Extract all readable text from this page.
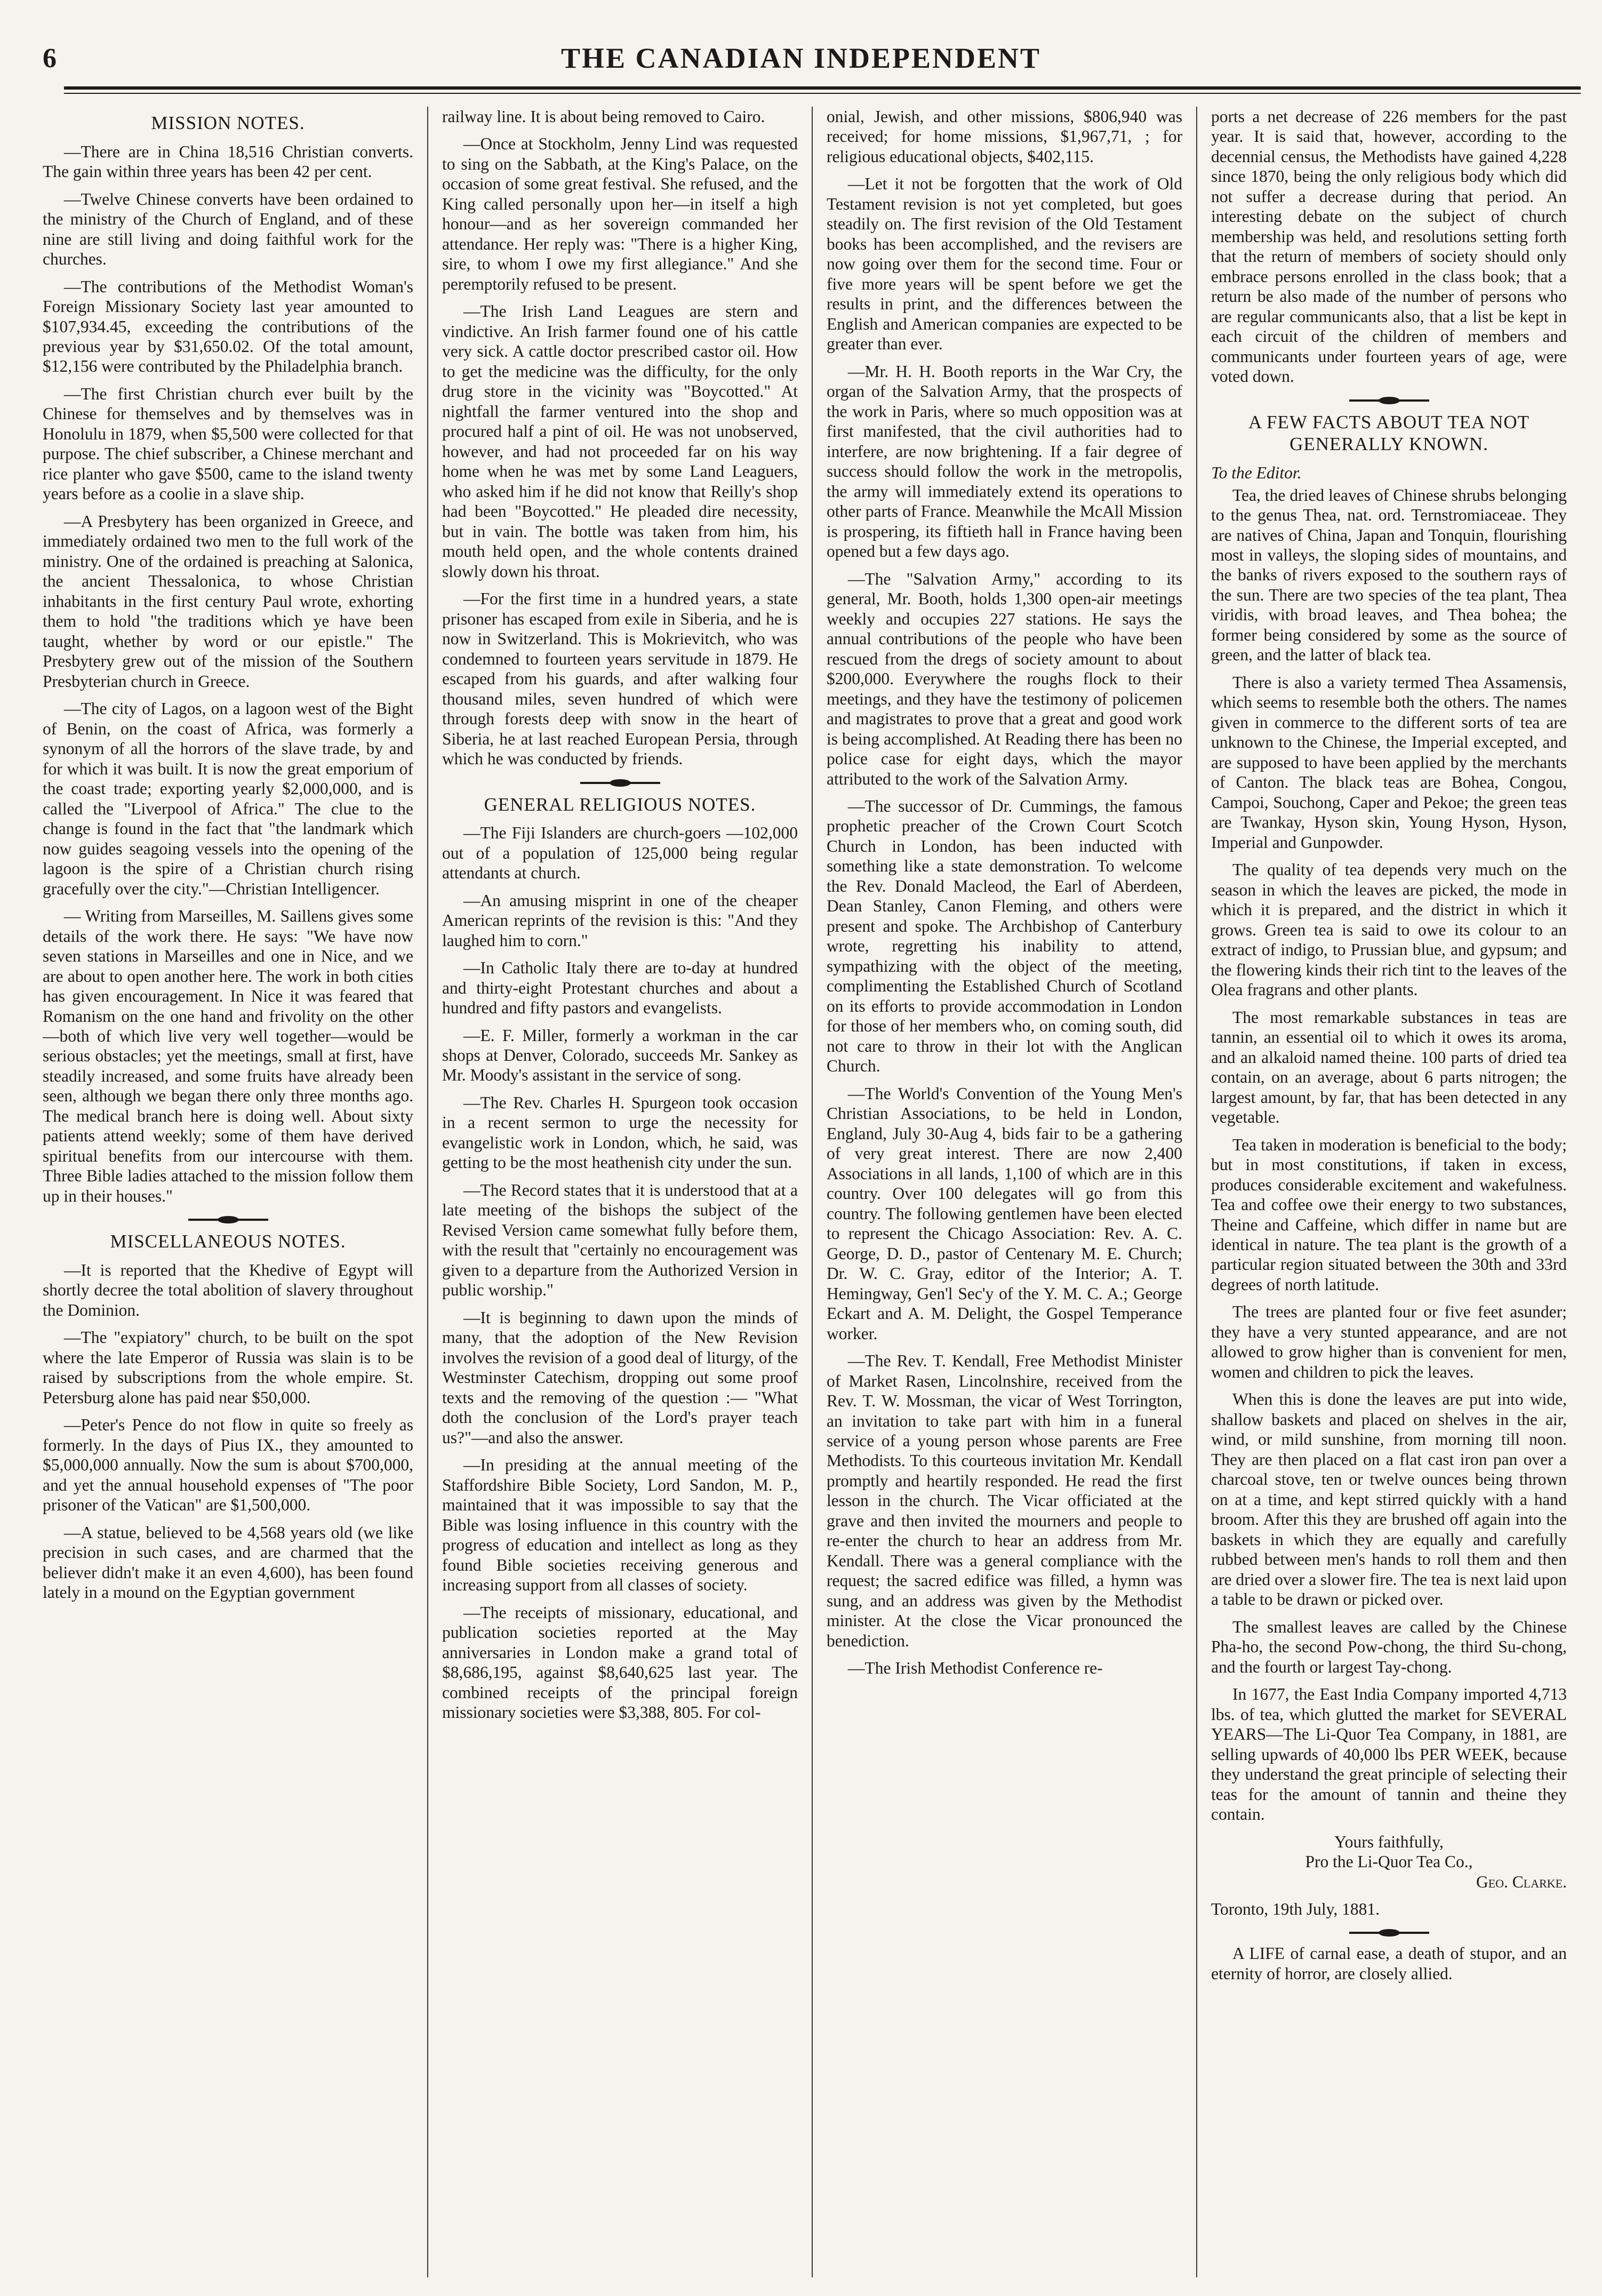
6	THE CANADIAN INDEPENDENT
MISSION NOTES.

—There are in China 18,516 Christian converts. The gain within three years has been 42 per cent.

—Twelve Chinese converts have been ordained to the ministry of the Church of England, and of these nine are still living and doing faithful work for the churches.

—The contributions of the Methodist Woman's Foreign Missionary Society last year amounted to $107,934.45, exceeding the contributions of the previous year by $31,650.02. Of the total amount, $12,156 were contributed by the Philadelphia branch.

—The first Christian church ever built by the Chinese for themselves and by themselves was in Honolulu in 1879, when $5,500 were collected for that purpose. The chief subscriber, a Chinese merchant and rice planter who gave $500, came to the island twenty years before as a coolie in a slave ship.

—A Presbytery has been organized in Greece, and immediately ordained two men to the full work of the ministry. One of the ordained is preaching at Salonica, the ancient Thessalonica, to whose Christian inhabitants in the first century Paul wrote, exhorting them to hold "the traditions which ye have been taught, whether by word or our epistle." The Presbytery grew out of the mission of the Southern Presbyterian church in Greece.

—The city of Lagos, on a lagoon west of the Bight of Benin, on the coast of Africa, was formerly a synonym of all the horrors of the slave trade, by and for which it was built. It is now the great emporium of the coast trade; exporting yearly $2,000,000, and is called the "Liverpool of Africa." The clue to the change is found in the fact that "the landmark which now guides seagoing vessels into the opening of the lagoon is the spire of a Christian church rising gracefully over the city."—Christian Intelligencer.

— Writing from Marseilles, M. Saillens gives some details of the work there. He says: "We have now seven stations in Marseilles and one in Nice, and we are about to open another here. The work in both cities has given encouragement. In Nice it was feared that Romanism on the one hand and frivolity on the other—both of which live very well together—would be serious obstacles; yet the meetings, small at first, have steadily increased, and some fruits have already been seen, although we began there only three months ago. The medical branch here is doing well. About sixty patients attend weekly; some of them have derived spiritual benefits from our intercourse with them. Three Bible ladies attached to the mission follow them up in their houses."

MISCELLANEOUS NOTES.

—It is reported that the Khedive of Egypt will shortly decree the total abolition of slavery throughout the Dominion.

—The "expiatory" church, to be built on the spot where the late Emperor of Russia was slain is to be raised by subscriptions from the whole empire. St. Petersburg alone has paid near $50,000.

—Peter's Pence do not flow in quite so freely as formerly. In the days of Pius IX., they amounted to $5,000,000 annually. Now the sum is about $700,000, and yet the annual household expenses of "The poor prisoner of the Vatican" are $1,500,000.

—A statue, believed to be 4,568 years old (we like precision in such cases, and are charmed that the believer didn't make it an even 4,600), has been found lately in a mound on the Egyptian government

railway line. It is about being removed to Cairo.

—Once at Stockholm, Jenny Lind was requested to sing on the Sabbath, at the King's Palace, on the occasion of some great festival. She refused, and the King called personally upon her—in itself a high honour—and as her sovereign commanded her attendance. Her reply was: "There is a higher King, sire, to whom I owe my first allegiance." And she peremptorily refused to be present.

—The Irish Land Leagues are stern and vindictive. An Irish farmer found one of his cattle very sick. A cattle doctor prescribed castor oil. How to get the medicine was the difficulty, for the only drug store in the vicinity was "Boycotted." At nightfall the farmer ventured into the shop and procured half a pint of oil. He was not unobserved, however, and had not proceeded far on his way home when he was met by some Land Leaguers, who asked him if he did not know that Reilly's shop had been "Boycotted." He pleaded dire necessity, but in vain. The bottle was taken from him, his mouth held open, and the whole contents drained slowly down his throat.

—For the first time in a hundred years, a state prisoner has escaped from exile in Siberia, and he is now in Switzerland. This is Mokrievitch, who was condemned to fourteen years servitude in 1879. He escaped from his guards, and after walking four thousand miles, seven hundred of which were through forests deep with snow in the heart of Siberia, he at last reached European Persia, through which he was conducted by friends.

GENERAL RELIGIOUS NOTES.

—The Fiji Islanders are church-goers —102,000 out of a population of 125,000 being regular attendants at church.

—An amusing misprint in one of the cheaper American reprints of the revision is this: "And they laughed him to corn."

—In Catholic Italy there are to-day at hundred and thirty-eight Protestant churches and about a hundred and fifty pastors and evangelists.

—E. F. Miller, formerly a workman in the car shops at Denver, Colorado, succeeds Mr. Sankey as Mr. Moody's assistant in the service of song.

—The Rev. Charles H. Spurgeon took occasion in a recent sermon to urge the necessity for evangelistic work in London, which, he said, was getting to be the most heathenish city under the sun.

—The Record states that it is understood that at a late meeting of the bishops the subject of the Revised Version came somewhat fully before them, with the result that "certainly no encouragement was given to a departure from the Authorized Version in public worship."

—It is beginning to dawn upon the minds of many, that the adoption of the New Revision involves the revision of a good deal of liturgy, of the Westminster Catechism, dropping out some proof texts and the removing of the question :— "What doth the conclusion of the Lord's prayer teach us?"—and also the answer.

—In presiding at the annual meeting of the Staffordshire Bible Society, Lord Sandon, M. P., maintained that it was impossible to say that the Bible was losing influence in this country with the progress of education and intellect as long as they found Bible societies receiving generous and increasing support from all classes of society.

—The receipts of missionary, educational, and publication societies reported at the May anniversaries in London make a grand total of $8,686,195, against $8,640,625 last year. The combined receipts of the principal foreign missionary societies were $3,388, 805. For col-

onial, Jewish, and other missions, $806,940 was received; for home missions, $1,967,71, ; for religious educational objects, $402,115.

—Let it not be forgotten that the work of Old Testament revision is not yet completed, but goes steadily on. The first revision of the Old Testament books has been accomplished, and the revisers are now going over them for the second time. Four or five more years will be spent before we get the results in print, and the differences between the English and American companies are expected to be greater than ever.

—Mr. H. H. Booth reports in the War Cry, the organ of the Salvation Army, that the prospects of the work in Paris, where so much opposition was at first manifested, that the civil authorities had to interfere, are now brightening. If a fair degree of success should follow the work in the metropolis, the army will immediately extend its operations to other parts of France. Meanwhile the McAll Mission is prospering, its fiftieth hall in France having been opened but a few days ago.

—The "Salvation Army," according to its general, Mr. Booth, holds 1,300 open-air meetings weekly and occupies 227 stations. He says the annual contributions of the people who have been rescued from the dregs of society amount to about $200,000. Everywhere the roughs flock to their meetings, and they have the testimony of policemen and magistrates to prove that a great and good work is being accomplished. At Reading there has been no police case for eight days, which the mayor attributed to the work of the Salvation Army.

—The successor of Dr. Cummings, the famous prophetic preacher of the Crown Court Scotch Church in London, has been inducted with something like a state demonstration. To welcome the Rev. Donald Macleod, the Earl of Aberdeen, Dean Stanley, Canon Fleming, and others were present and spoke. The Archbishop of Canterbury wrote, regretting his inability to attend, sympathizing with the object of the meeting, complimenting the Established Church of Scotland on its efforts to provide accommodation in London for those of her members who, on coming south, did not care to throw in their lot with the Anglican Church.

—The World's Convention of the Young Men's Christian Associations, to be held in London, England, July 30-Aug 4, bids fair to be a gathering of very great interest. There are now 2,400 Associations in all lands, 1,100 of which are in this country. Over 100 delegates will go from this country. The following gentlemen have been elected to represent the Chicago Association: Rev. A. C. George, D. D., pastor of Centenary M. E. Church; Dr. W. C. Gray, editor of the Interior; A. T. Hemingway, Gen'l Sec'y of the Y. M. C. A.; George Eckart and A. M. Delight, the Gospel Temperance worker.

—The Rev. T. Kendall, Free Methodist Minister of Market Rasen, Lincolnshire, received from the Rev. T. W. Mossman, the vicar of West Torrington, an invitation to take part with him in a funeral service of a young person whose parents are Free Methodists. To this courteous invitation Mr. Kendall promptly and heartily responded. He read the first lesson in the church. The Vicar officiated at the grave and then invited the mourners and people to re-enter the church to hear an address from Mr. Kendall. There was a general compliance with the request; the sacred edifice was filled, a hymn was sung, and an address was given by the Methodist minister. At the close the Vicar pronounced the benediction.

—The Irish Methodist Conference re-

ports a net decrease of 226 members for the past year. It is said that, however, according to the decennial census, the Methodists have gained 4,228 since 1870, being the only religious body which did not suffer a decrease during that period. An interesting debate on the subject of church membership was held, and resolutions setting forth that the return of members of society should only embrace persons enrolled in the class book; that a return be also made of the number of persons who are regular communicants also, that a list be kept in each circuit of the children of members and communicants under fourteen years of age, were voted down.

A FEW FACTS ABOUT TEA NOT GENERALLY KNOWN.

To the Editor.

Tea, the dried leaves of Chinese shrubs belonging to the genus Thea, nat. ord. Ternstromiaceae. They are natives of China, Japan and Tonquin, flourishing most in valleys, the sloping sides of mountains, and the banks of rivers exposed to the southern rays of the sun. There are two species of the tea plant, Thea viridis, with broad leaves, and Thea bohea; the former being considered by some as the source of green, and the latter of black tea.

There is also a variety termed Thea Assamensis, which seems to resemble both the others. The names given in commerce to the different sorts of tea are unknown to the Chinese, the Imperial excepted, and are supposed to have been applied by the merchants of Canton. The black teas are Bohea, Congou, Campoi, Souchong, Caper and Pekoe; the green teas are Twankay, Hyson skin, Young Hyson, Hyson, Imperial and Gunpowder.

The quality of tea depends very much on the season in which the leaves are picked, the mode in which it is prepared, and the district in which it grows. Green tea is said to owe its colour to an extract of indigo, to Prussian blue, and gypsum; and the flowering kinds their rich tint to the leaves of the Olea fragrans and other plants.

The most remarkable substances in teas are tannin, an essential oil to which it owes its aroma, and an alkaloid named theine. 100 parts of dried tea contain, on an average, about 6 parts nitrogen; the largest amount, by far, that has been detected in any vegetable.

Tea taken in moderation is beneficial to the body; but in most constitutions, if taken in excess, produces considerable excitement and wakefulness. Tea and coffee owe their energy to two substances, Theine and Caffeine, which differ in name but are identical in nature. The tea plant is the growth of a particular region situated between the 30th and 33rd degrees of north latitude.

The trees are planted four or five feet asunder; they have a very stunted appearance, and are not allowed to grow higher than is convenient for men, women and children to pick the leaves.

When this is done the leaves are put into wide, shallow baskets and placed on shelves in the air, wind, or mild sunshine, from morning till noon. They are then placed on a flat cast iron pan over a charcoal stove, ten or twelve ounces being thrown on at a time, and kept stirred quickly with a hand broom. After this they are brushed off again into the baskets in which they are equally and carefully rubbed between men's hands to roll them and then are dried over a slower fire. The tea is next laid upon a table to be drawn or picked over.

The smallest leaves are called by the Chinese Pha-ho, the second Pow-chong, the third Su-chong, and the fourth or largest Tay-chong.

In 1677, the East India Company imported 4,713 lbs. of tea, which glutted the market for SEVERAL YEARS—The Li-Quor Tea Company, in 1881, are selling upwards of 40,000 lbs PER WEEK, because they understand the great principle of selecting their teas for the amount of tannin and theine they contain.

Yours faithfully,

Pro the Li-Quor Tea Co.,

Geo. Clarke.

Toronto, 19th July, 1881.

A LIFE of carnal ease, a death of stupor, and an eternity of horror, are closely allied.
